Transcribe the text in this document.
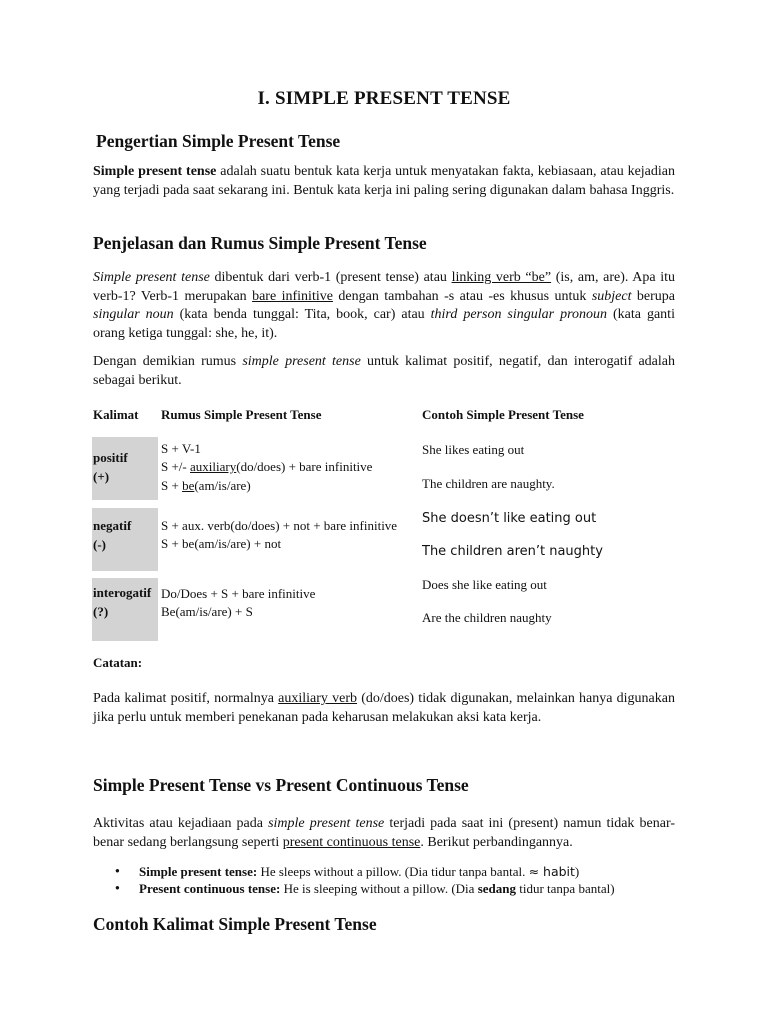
I. SIMPLE PRESENT TENSE
Pengertian Simple Present Tense

Simple present tense adalah suatu bentuk kata kerja untuk menyatakan fakta, kebiasaan, atau kejadian yang terjadi pada saat sekarang ini. Bentuk kata kerja ini paling sering digunakan dalam bahasa Inggris.

Penjelasan dan Rumus Simple Present Tense

Simple present tense dibentuk dari verb-1 (present tense) atau linking verb “be” (is, am, are). Apa itu verb-1? Verb-1 merupakan bare infinitive dengan tambahan -s atau -es khusus untuk subject berupa singular noun (kata benda tunggal: Tita, book, car) atau third person singular pronoun (kata ganti orang ketiga tunggal: she, he, it).

Dengan demikian rumus simple present tense untuk kalimat positif, negatif, dan interogatif adalah sebagai berikut.

Kalimat Rumus Simple Present Tense	Contoh Simple Present Tense
positif
(+)
S + V-1
S +/- auxiliary(do/does) + bare infinitive
S + be(am/is/are)
She likes eating out
The children are naughty.
negatif
(-)
S + aux. verb(do/does) + not + bare infinitive
S + be(am/is/are) + not
She doesn’t like eating out
The children aren’t naughty
interogatif
(?)
Do/Does + S + bare infinitive
Be(am/is/are) + S
Does she like eating out
Are the children naughty
Catatan:

Pada kalimat positif, normalnya auxiliary verb (do/does) tidak digunakan, melainkan hanya digunakan jika perlu untuk memberi penekanan pada keharusan melakukan aksi kata kerja.

Simple Present Tense vs Present Continuous Tense

Aktivitas atau kejadiaan pada simple present tense terjadi pada saat ini (present) namun tidak benar-benar sedang berlangsung seperti present continuous tense. Berikut perbandingannya.

● Simple present tense: He sleeps without a pillow. (Dia tidur tanpa bantal. ≈ habit)
● Present continuous tense: He is sleeping without a pillow. (Dia sedang tidur tanpa bantal)
Contoh Kalimat Simple Present Tense
